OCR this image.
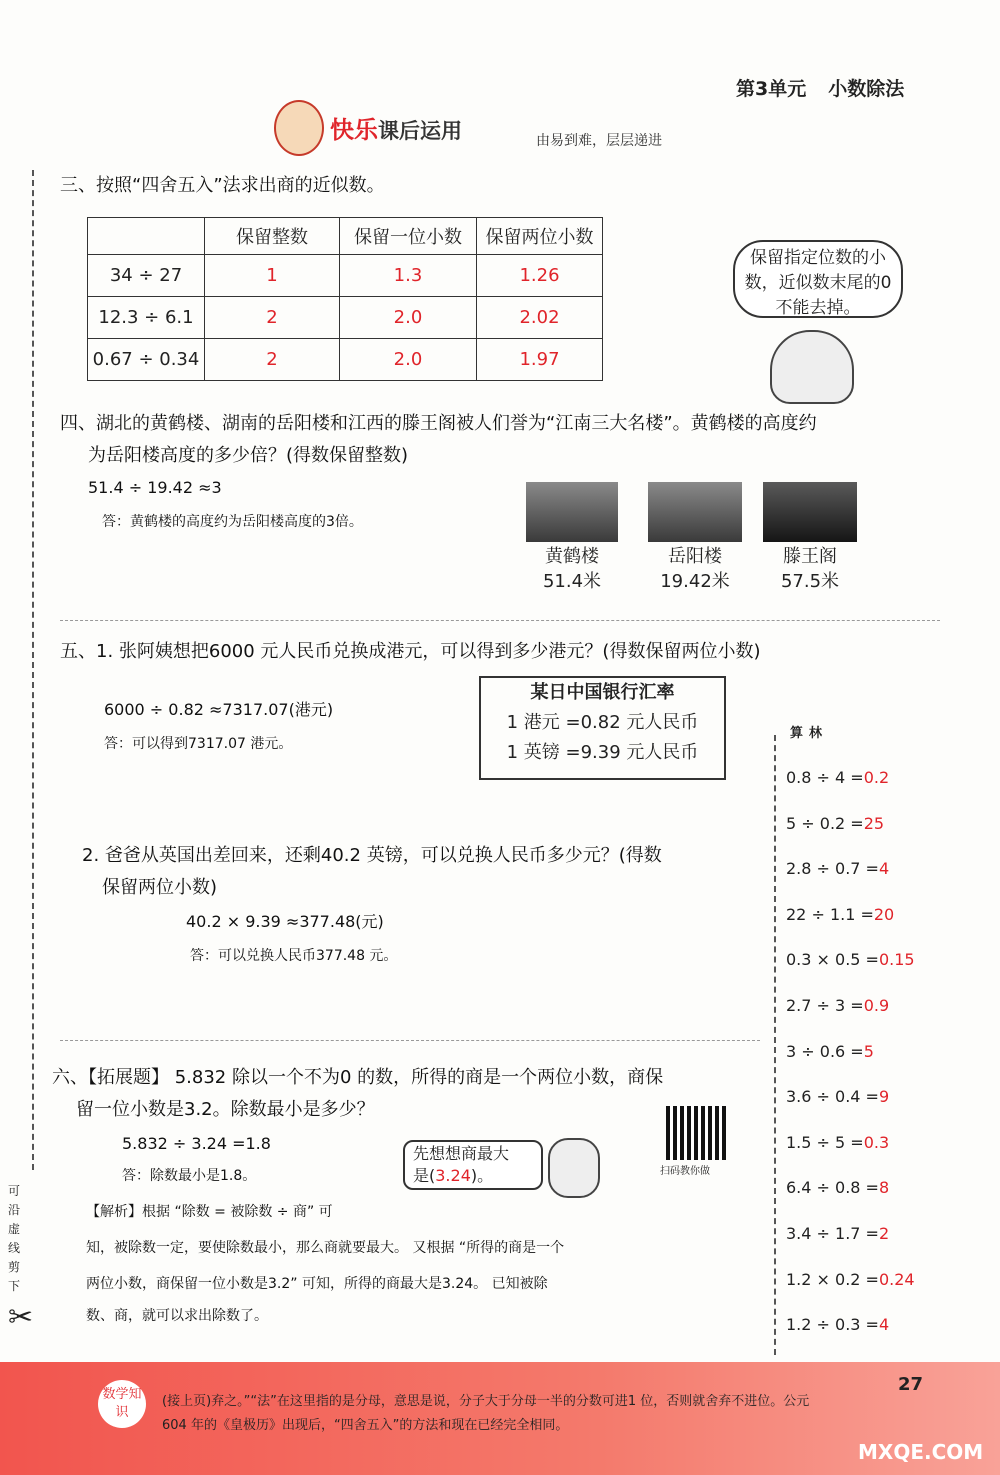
第3单元 小数除法
快乐课后运用	由易到难，层层递进
三、按照“四舍五入”法求出商的近似数。
	保留整数	保留一位小数	保留两位小数
34 ÷ 27	1	1.3	1.26
12.3 ÷ 6.1	2	2.0	2.02
0.67 ÷ 0.34	2	2.0	1.97
保留指定位数的小数，近似数末尾的0不能去掉。
四、湖北的黄鹤楼、湖南的岳阳楼和江西的滕王阁被人们誉为“江南三大名楼”。黄鹤楼的高度约
为岳阳楼高度的多少倍？(得数保留整数)
51.4 ÷ 19.42 ≈3
答：黄鹤楼的高度约为岳阳楼高度的3倍。
黄鹤楼
51.4米
岳阳楼
19.42米
滕王阁
57.5米
五、1. 张阿姨想把6000 元人民币兑换成港元，可以得到多少港元？(得数保留两位小数)
6000 ÷ 0.82 ≈7317.07(港元)
答：可以得到7317.07 港元。
某日中国银行汇率
1 港元 =0.82 元人民币
1 英镑 =9.39 元人民币
2. 爸爸从英国出差回来，还剩40.2 英镑，可以兑换人民币多少元？(得数
保留两位小数)
40.2 × 9.39 ≈377.48(元)
答：可以兑换人民币377.48 元。
六、【拓展题】 5.832 除以一个不为0 的数，所得的商是一个两位小数，商保
留一位小数是3.2。除数最小是多少？
5.832 ÷ 3.24 =1.8
答：除数最小是1.8。
先想想商最大
是(3.24)。	扫码教你做
【解析】根据 “除数 = 被除数 ÷ 商” 可
知，被除数一定，要使除数最小，那么商就要最大。 又根据 “所得的商是一个
两位小数，商保留一位小数是3.2” 可知，所得的商最大是3.24。 已知被除
数、商，就可以求出除数了。
可沿虚线剪下
✂
算林
0.8 ÷ 4 =0.2
5 ÷ 0.2 =25
2.8 ÷ 0.7 =4
22 ÷ 1.1 =20
0.3 × 0.5 =0.15
2.7 ÷ 3 =0.9
3 ÷ 0.6 =5
3.6 ÷ 0.4 =9
1.5 ÷ 5 =0.3
6.4 ÷ 0.8 =8
3.4 ÷ 1.7 =2
1.2 × 0.2 =0.24
1.2 ÷ 0.3 =4
数学知识
(接上页)弃之。”“法”在这里指的是分母，意思是说，分子大于分母一半的分数可进1 位，否则就舍弃不进位。公元604 年的《皇极历》出现后，“四舍五入”的方法和现在已经完全相同。
27
MXQE.COM
